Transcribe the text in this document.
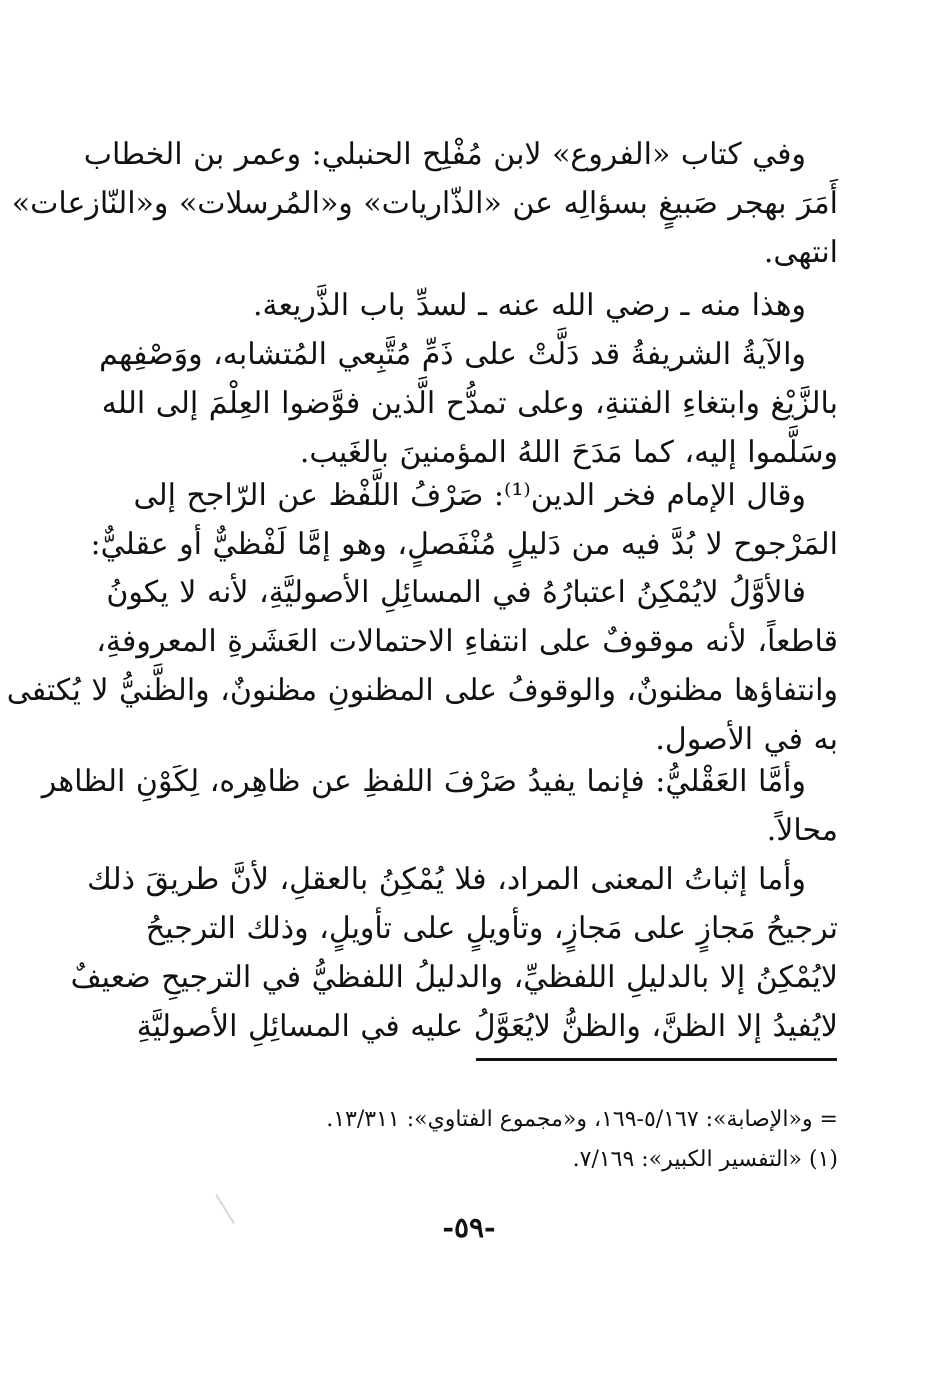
وفي كتاب «الفروع» لابن مُفْلِح الحنبلي: وعمر بن الخطاب
أَمَرَ بهجر صَبيغٍ بسؤالِه عن «الذّاريات» و«المُرسلات» و«النّازعات»
انتهى.
وهذا منه ـ رضي الله عنه ـ لسدِّ باب الذَّريعة.
والآيةُ الشريفةُ قد دَلَّتْ على ذَمِّ مُتَّبِعي المُتشابه، ووَصْفِهم
بالزَّيْغ وابتغاءِ الفتنةِ، وعلى تمدُّح الَّذين فوَّضوا العِلْمَ إلى الله
وسَلَّموا إليه، كما مَدَحَ اللهُ المؤمنينَ بالغَيب.
وقال الإمام فخر الدين⁽¹⁾: صَرْفُ اللَّفْظ عن الرّاجح إلى
المَرْجوح لا بُدَّ فيه من دَليلٍ مُنْفَصلٍ، وهو إمَّا لَفْظيٌّ أو عقليٌّ:
فالأوَّلُ لايُمْكِنُ اعتبارُهُ في المسائِلِ الأصوليَّةِ، لأنه لا يكونُ
قاطعاً، لأنه موقوفٌ على انتفاءِ الاحتمالات العَشَرةِ المعروفةِ،
وانتفاؤها مظنونٌ، والوقوفُ على المظنونِ مظنونٌ، والظَّنيُّ لا يُكتفى
به في الأصول.
وأمَّا العَقْليُّ: فإنما يفيدُ صَرْفَ اللفظِ عن ظاهِره، لِكَوْنِ الظاهر
محالاً.
وأما إثباتُ المعنى المراد، فلا يُمْكِنُ بالعقلِ، لأنَّ طريقَ ذلك
ترجيحُ مَجازٍ على مَجازٍ، وتأويلٍ على تأويلٍ، وذلك الترجيحُ
لايُمْكِنُ إلا بالدليلِ اللفظيِّ، والدليلُ اللفظيُّ في الترجيحِ ضعيفٌ
لايُفيدُ إلا الظنَّ، والظنُّ لايُعَوَّلُ عليه في المسائِلِ الأصوليَّةِ
= و«الإصابة»: ٥/١٦٧-١٦٩، و«مجموع الفتاوي»: ١٣/٣١١.
(١) «التفسير الكبير»: ٧/١٦٩.
-٥٩-
